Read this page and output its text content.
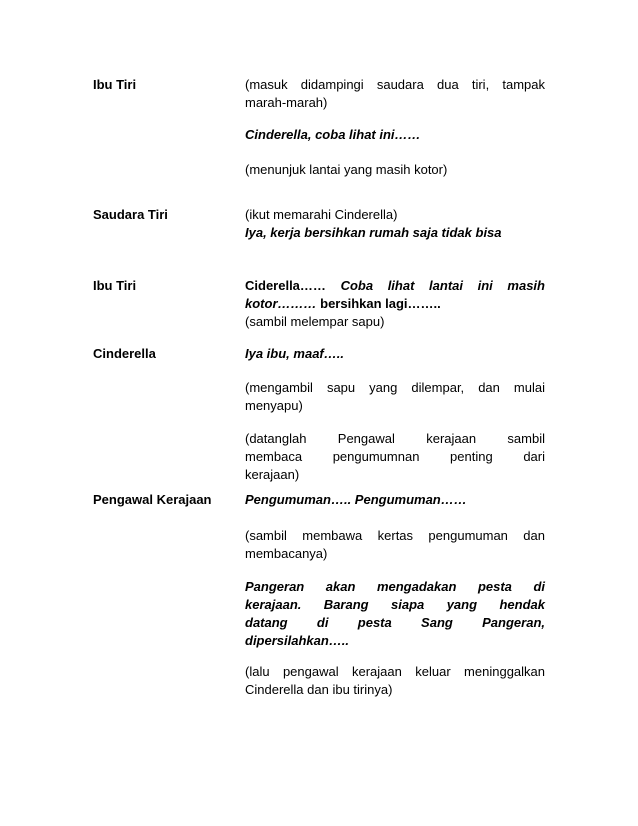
Ibu Tiri	(masuk didampingi saudara dua tiri, tampak
marah-marah)
Cinderella, coba lihat ini……
(menunjuk lantai yang masih kotor)
Saudara Tiri	(ikut memarahi Cinderella)
Iya, kerja bersihkan rumah saja tidak bisa
Ibu Tiri	Ciderella…… Coba lihat lantai ini masih
kotor……… bersihkan lagi……..
(sambil melempar sapu)
Cinderella	Iya ibu, maaf…..
(mengambil sapu yang dilempar, dan mulai
menyapu)
(datanglah Pengawal kerajaan sambil
membaca pengumumnan penting dari
kerajaan)
Pengawal Kerajaan	Pengumuman….. Pengumuman……
(sambil membawa kertas pengumuman dan
membacanya)
Pangeran akan mengadakan pesta di
kerajaan. Barang siapa yang hendak
datang di pesta Sang Pangeran,
dipersilahkan…..
(lalu pengawal kerajaan keluar meninggalkan
Cinderella dan ibu tirinya)
